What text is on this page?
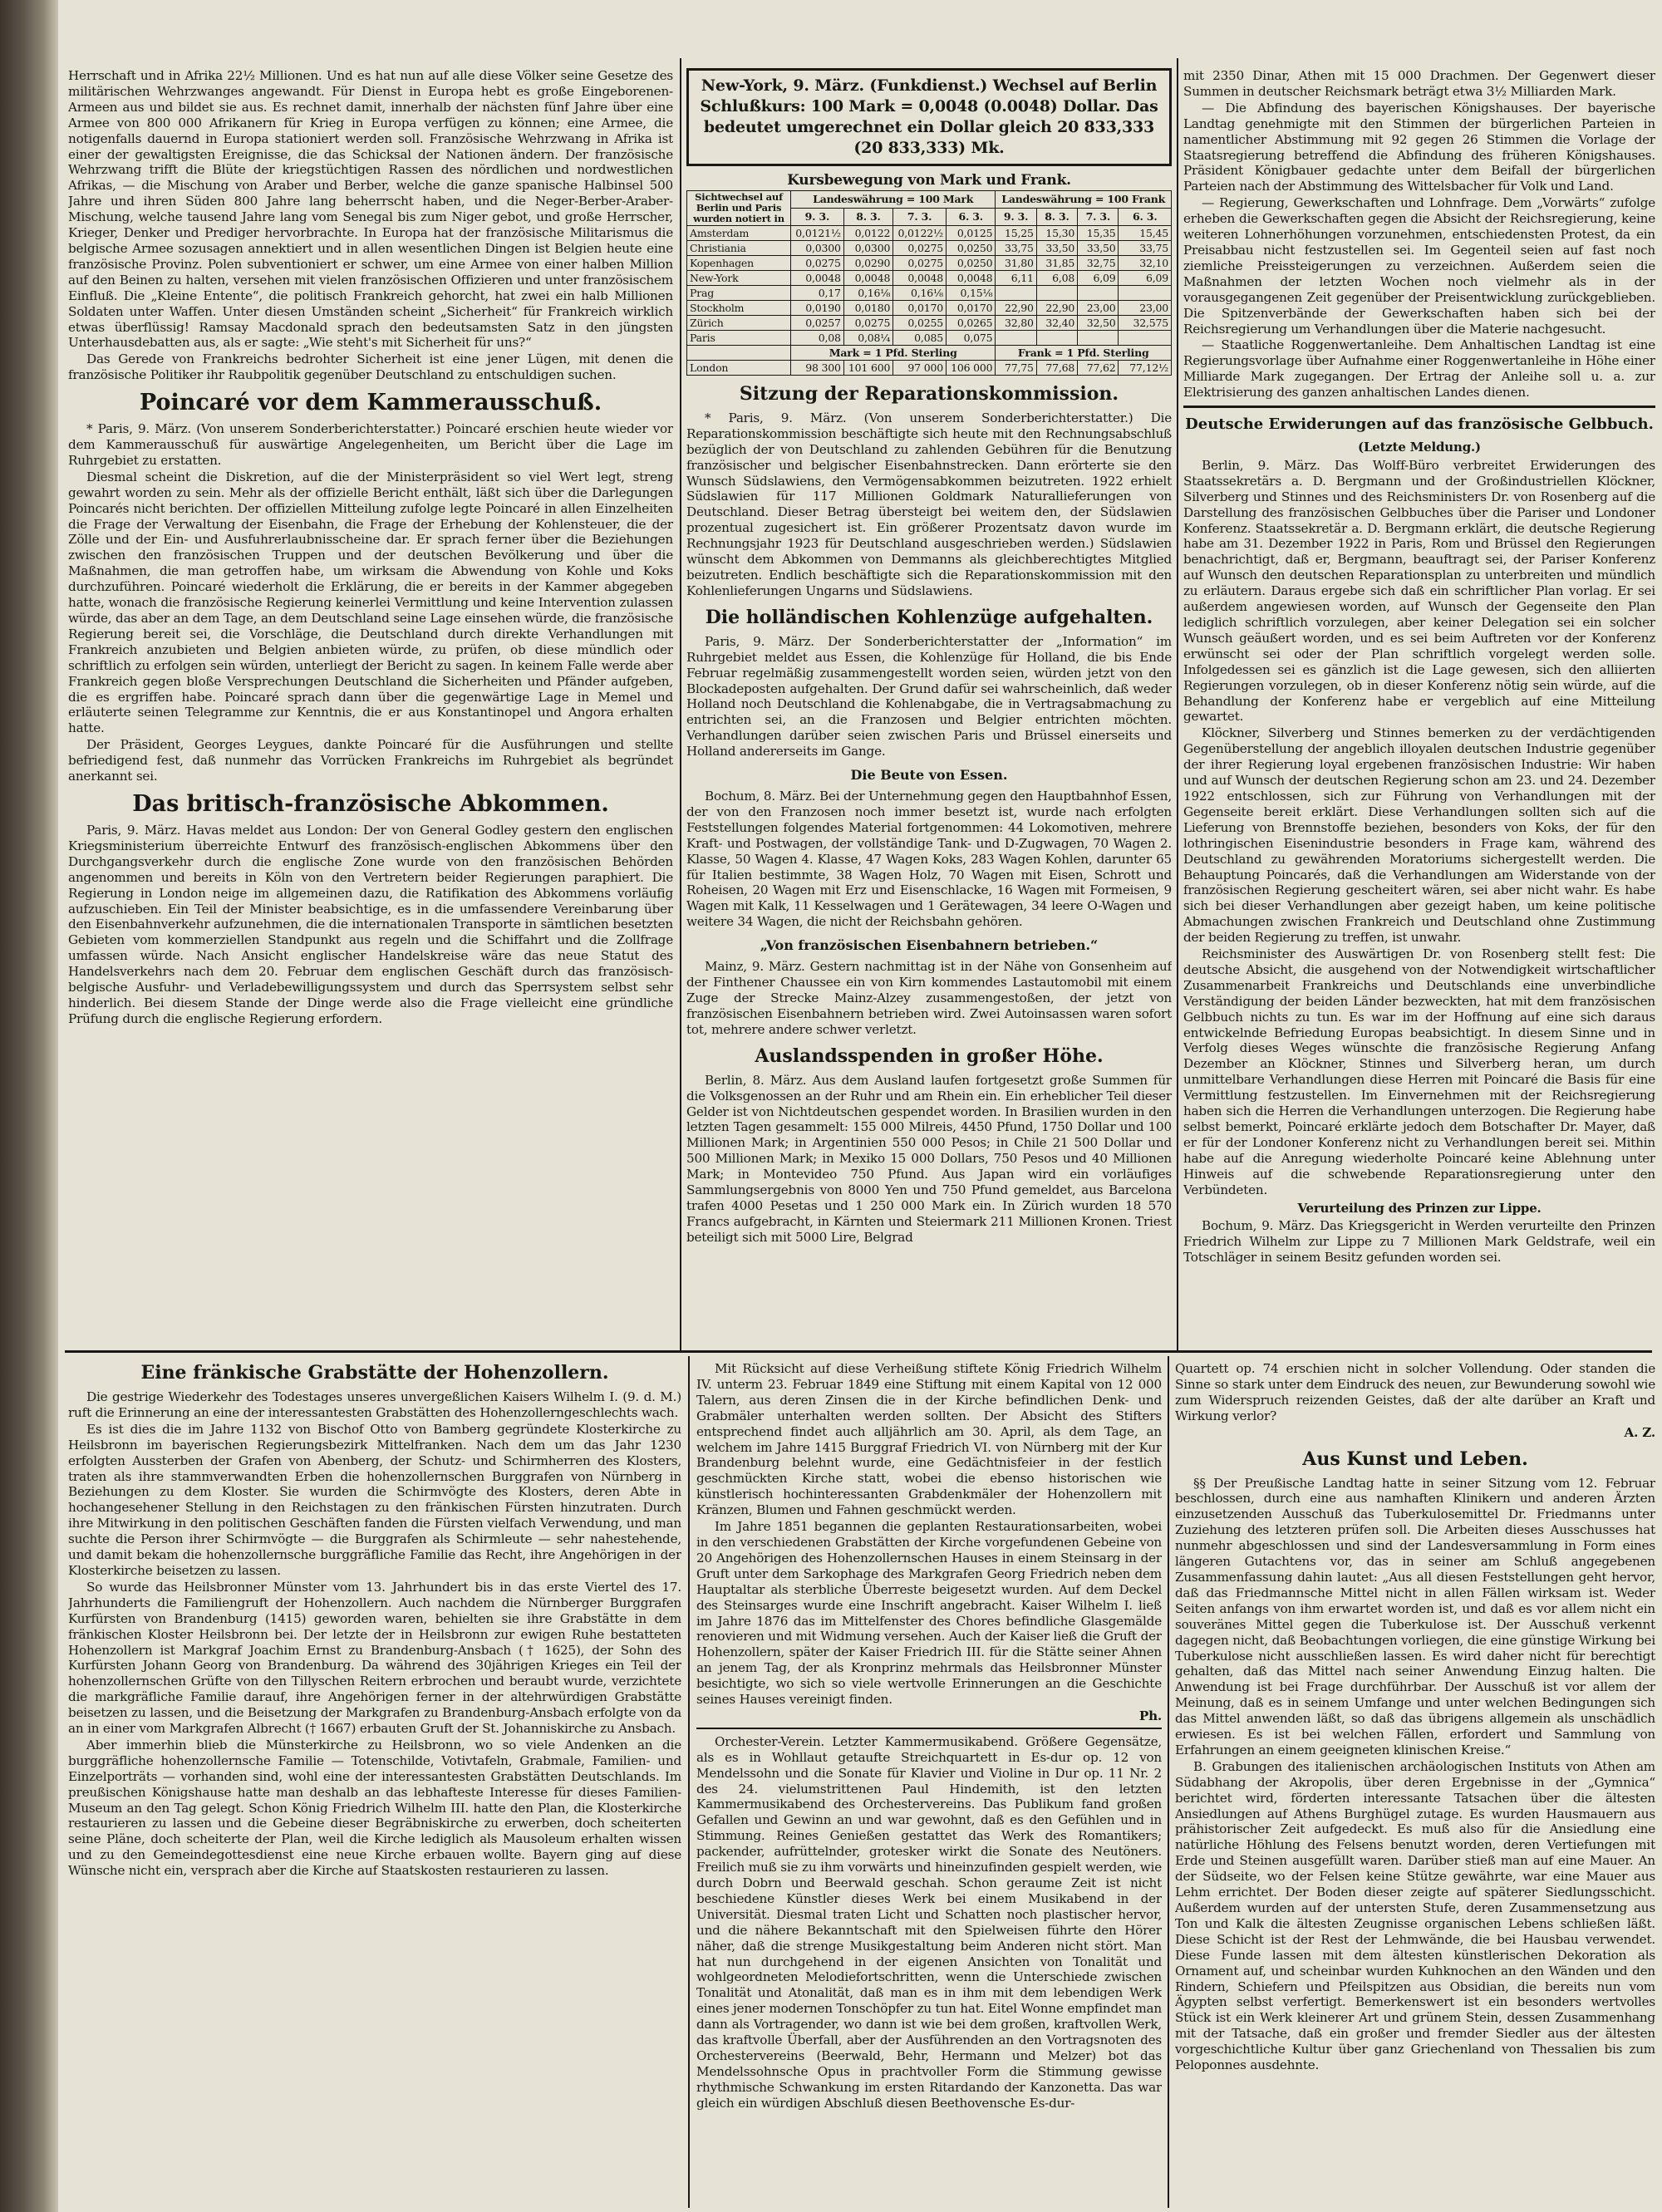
Herrschaft und in Afrika 22½ Millionen. Und es hat nun auf alle diese Völker seine Gesetze des militärischen Wehrzwanges angewandt. Für Dienst in Europa hebt es große Eingeborenen-Armeen aus und bildet sie aus. Es rechnet damit, innerhalb der nächsten fünf Jahre über eine Armee von 800 000 Afrikanern für Krieg in Europa verfügen zu können; eine Armee, die notigenfalls dauernd in Europa stationiert werden soll. Französische Wehrzwang in Afrika ist einer der gewaltigsten Ereignisse, die das Schicksal der Nationen ändern. Der französische Wehrzwang trifft die Blüte der kriegstüchtigen Rassen des nördlichen und nordwestlichen Afrikas, — die Mischung von Araber und Berber, welche die ganze spanische Halbinsel 500 Jahre und ihren Süden 800 Jahre lang beherrscht haben, und die Neger-Berber-Araber-Mischung, welche tausend Jahre lang vom Senegal bis zum Niger gebot, und große Herrscher, Krieger, Denker und Prediger hervorbrachte. In Europa hat der französische Militarismus die belgische Armee sozusagen annektiert und in allen wesentlichen Dingen ist Belgien heute eine französische Provinz. Polen subventioniert er schwer, um eine Armee von einer halben Million auf den Beinen zu halten, versehen mit vielen französischen Offizieren und unter französischem Einfluß. Die „Kleine Entente“, die politisch Frankreich gehorcht, hat zwei ein halb Millionen Soldaten unter Waffen. Unter diesen Umständen scheint „Sicherheit“ für Frankreich wirklich etwas überflüssig! Ramsay Macdonald sprach den bedeutsamsten Satz in den jüngsten Unterhausdebatten aus, als er sagte: „Wie steht's mit Sicherheit für uns?“

Das Gerede von Frankreichs bedrohter Sicherheit ist eine jener Lügen, mit denen die französische Politiker ihr Raubpolitik gegenüber Deutschland zu entschuldigen suchen.

Poincaré vor dem Kammerausschuß.

* Paris, 9. März. (Von unserem Sonderberichterstatter.) Poincaré erschien heute wieder vor dem Kammerausschuß für auswärtige Angelegenheiten, um Bericht über die Lage im Ruhrgebiet zu erstatten.

Diesmal scheint die Diskretion, auf die der Ministerpräsident so viel Wert legt, streng gewahrt worden zu sein. Mehr als der offizielle Bericht enthält, läßt sich über die Darlegungen Poincarés nicht berichten. Der offiziellen Mitteilung zufolge legte Poincaré in allen Einzelheiten die Frage der Verwaltung der Eisenbahn, die Frage der Erhebung der Kohlensteuer, die der Zölle und der Ein- und Ausfuhrerlaubnisscheine dar. Er sprach ferner über die Beziehungen zwischen den französischen Truppen und der deutschen Bevölkerung und über die Maßnahmen, die man getroffen habe, um wirksam die Abwendung von Kohle und Koks durchzuführen. Poincaré wiederholt die Erklärung, die er bereits in der Kammer abgegeben hatte, wonach die französische Regierung keinerlei Vermittlung und keine Intervention zulassen würde, das aber an dem Tage, an dem Deutschland seine Lage einsehen würde, die französische Regierung bereit sei, die Vorschläge, die Deutschland durch direkte Verhandlungen mit Frankreich anzubieten und Belgien anbieten würde, zu prüfen, ob diese mündlich oder schriftlich zu erfolgen sein würden, unterliegt der Bericht zu sagen. In keinem Falle werde aber Frankreich gegen bloße Versprechungen Deutschland die Sicherheiten und Pfänder aufgeben, die es ergriffen habe. Poincaré sprach dann über die gegenwärtige Lage in Memel und erläuterte seinen Telegramme zur Kenntnis, die er aus Konstantinopel und Angora erhalten hatte.

Der Präsident, Georges Leygues, dankte Poincaré für die Ausführungen und stellte befriedigend fest, daß nunmehr das Vorrücken Frankreichs im Ruhrgebiet als begründet anerkannt sei.

Das britisch-französische Abkommen.

Paris, 9. März. Havas meldet aus London: Der von General Godley gestern den englischen Kriegsministerium überreichte Entwurf des französisch-englischen Abkommens über den Durchgangsverkehr durch die englische Zone wurde von den französischen Behörden angenommen und bereits in Köln von den Vertretern beider Regierungen paraphiert. Die Regierung in London neige im allgemeinen dazu, die Ratifikation des Abkommens vorläufig aufzuschieben. Ein Teil der Minister beabsichtige, es in die umfassendere Vereinbarung über den Eisenbahnverkehr aufzunehmen, die die internationalen Transporte in sämtlichen besetzten Gebieten vom kommerziellen Standpunkt aus regeln und die Schiffahrt und die Zollfrage umfassen würde. Nach Ansicht englischer Handelskreise wäre das neue Statut des Handelsverkehrs nach dem 20. Februar dem englischen Geschäft durch das französisch-belgische Ausfuhr- und Verladebewilligungssystem und durch das Sperrsystem selbst sehr hinderlich. Bei diesem Stande der Dinge werde also die Frage vielleicht eine gründliche Prüfung durch die englische Regierung erfordern.

New-York, 9. März. (Funkdienst.) Wechsel auf Berlin Schlußkurs: 100 Mark = 0,0048 (0.0048) Dollar. Das bedeutet umgerechnet ein Dollar gleich 20 833,333 (20 833,333) Mk.
Kursbewegung von Mark und Frank.
Sichtwechsel auf Berlin und Paris wurden notiert in	Landeswährung = 100 Mark				Landeswährung = 100 Frank			
	9. 3.	8. 3.	7. 3.	6. 3.	9. 3.	8. 3.	7. 3.	6. 3.
Amsterdam	0,0121½	0,0122	0,0122½	0,0125	15,25	15,30	15,35	15,45
Christiania	0,0300	0,0300	0,0275	0,0250	33,75	33,50	33,50	33,75
Kopenhagen	0,0275	0,0290	0,0275	0,0250	31,80	31,85	32,75	32,10
New-York	0,0048	0,0048	0,0048	0,0048	6,11	6,08	6,09	6,09
Prag	0,17	0,16⅛	0,16⅛	0,15⅛				
Stockholm	0,0190	0,0180	0,0170	0,0170	22,90	22,90	23,00	23,00
Zürich	0,0257	0,0275	0,0255	0,0265	32,80	32,40	32,50	32,575
Paris	0,08	0,08¼	0,085	0,075				
	Mark = 1 Pfd. Sterling				Frank = 1 Pfd. Sterling			
London	98 300	101 600	97 000	106 000	77,75	77,68	77,62	77,12½
Sitzung der Reparationskommission.

* Paris, 9. März. (Von unserem Sonderberichterstatter.) Die Reparationskommission beschäftigte sich heute mit den Rechnungsabschluß bezüglich der von Deutschland zu zahlenden Gebühren für die Benutzung französischer und belgischer Eisenbahnstrecken. Dann erörterte sie den Wunsch Südslawiens, den Vermögensabkommen beizutreten. 1922 erhielt Südslawien für 117 Millionen Goldmark Naturallieferungen von Deutschland. Dieser Betrag übersteigt bei weitem den, der Südslawien prozentual zugesichert ist. Ein größerer Prozentsatz davon wurde im Rechnungsjahr 1923 für Deutschland ausgeschrieben werden.) Südslawien wünscht dem Abkommen von Demmanns als gleichberechtigtes Mitglied beizutreten. Endlich beschäftigte sich die Reparationskommission mit den Kohlenlieferungen Ungarns und Südslawiens.

Die holländischen Kohlenzüge aufgehalten.

Paris, 9. März. Der Sonderberichterstatter der „Information“ im Ruhrgebiet meldet aus Essen, die Kohlenzüge für Holland, die bis Ende Februar regelmäßig zusammengestellt worden seien, würden jetzt von den Blockadeposten aufgehalten. Der Grund dafür sei wahrscheinlich, daß weder Holland noch Deutschland die Kohlenabgabe, die in Vertragsabmachung zu entrichten sei, an die Franzosen und Belgier entrichten möchten. Verhandlungen darüber seien zwischen Paris und Brüssel einerseits und Holland andererseits im Gange.

Die Beute von Essen.

Bochum, 8. März. Bei der Unternehmung gegen den Hauptbahnhof Essen, der von den Franzosen noch immer besetzt ist, wurde nach erfolgten Feststellungen folgendes Material fortgenommen: 44 Lokomotiven, mehrere Kraft- und Postwagen, der vollständige Tank- und D-Zugwagen, 70 Wagen 2. Klasse, 50 Wagen 4. Klasse, 47 Wagen Koks, 283 Wagen Kohlen, darunter 65 für Italien bestimmte, 38 Wagen Holz, 70 Wagen mit Eisen, Schrott und Roheisen, 20 Wagen mit Erz und Eisenschlacke, 16 Wagen mit Formeisen, 9 Wagen mit Kalk, 11 Kesselwagen und 1 Gerätewagen, 34 leere O-Wagen und weitere 34 Wagen, die nicht der Reichsbahn gehören.

„Von französischen Eisenbahnern betrieben.“

Mainz, 9. März. Gestern nachmittag ist in der Nähe von Gonsenheim auf der Finthener Chaussee ein von Kirn kommendes Lastautomobil mit einem Zuge der Strecke Mainz-Alzey zusammengestoßen, der jetzt von französischen Eisenbahnern betrieben wird. Zwei Autoinsassen waren sofort tot, mehrere andere schwer verletzt.

Auslandsspenden in großer Höhe.

Berlin, 8. März. Aus dem Ausland laufen fortgesetzt große Summen für die Volksgenossen an der Ruhr und am Rhein ein. Ein erheblicher Teil dieser Gelder ist von Nichtdeutschen gespendet worden. In Brasilien wurden in den letzten Tagen gesammelt: 155 000 Milreis, 4450 Pfund, 1750 Dollar und 100 Millionen Mark; in Argentinien 550 000 Pesos; in Chile 21 500 Dollar und 500 Millionen Mark; in Mexiko 15 000 Dollars, 750 Pesos und 40 Millionen Mark; in Montevideo 750 Pfund. Aus Japan wird ein vorläufiges Sammlungsergebnis von 8000 Yen und 750 Pfund gemeldet, aus Barcelona trafen 4000 Pesetas und 1 250 000 Mark ein. In Zürich wurden 18 570 Francs aufgebracht, in Kärnten und Steiermark 211 Millionen Kronen. Triest beteiligt sich mit 5000 Lire, Belgrad

mit 2350 Dinar, Athen mit 15 000 Drachmen. Der Gegenwert dieser Summen in deutscher Reichsmark beträgt etwa 3½ Milliarden Mark.

— Die Abfindung des bayerischen Königshauses. Der bayerische Landtag genehmigte mit den Stimmen der bürgerlichen Parteien in namentlicher Abstimmung mit 92 gegen 26 Stimmen die Vorlage der Staatsregierung betreffend die Abfindung des früheren Königshauses. Präsident Königbauer gedachte unter dem Beifall der bürgerlichen Parteien nach der Abstimmung des Wittelsbacher für Volk und Land.

— Regierung, Gewerkschaften und Lohnfrage. Dem „Vorwärts“ zufolge erheben die Gewerkschaften gegen die Absicht der Reichsregierung, keine weiteren Lohnerhöhungen vorzunehmen, entschiedensten Protest, da ein Preisabbau nicht festzustellen sei. Im Gegenteil seien auf fast noch ziemliche Preissteigerungen zu verzeichnen. Außerdem seien die Maßnahmen der letzten Wochen noch vielmehr als in der vorausgegangenen Zeit gegenüber der Preisentwicklung zurückgeblieben. Die Spitzenverbände der Gewerkschaften haben sich bei der Reichsregierung um Verhandlungen über die Materie nachgesucht.

— Staatliche Roggenwertanleihe. Dem Anhaltischen Landtag ist eine Regierungsvorlage über Aufnahme einer Roggenwertanleihe in Höhe einer Milliarde Mark zugegangen. Der Ertrag der Anleihe soll u. a. zur Elektrisierung des ganzen anhaltischen Landes dienen.

Deutsche Erwiderungen auf das französische Gelbbuch.
(Letzte Meldung.)

Berlin, 9. März. Das Wolff-Büro verbreitet Erwiderungen des Staatssekretärs a. D. Bergmann und der Großindustriellen Klöckner, Silverberg und Stinnes und des Reichsministers Dr. von Rosenberg auf die Darstellung des französischen Gelbbuches über die Pariser und Londoner Konferenz. Staatssekretär a. D. Bergmann erklärt, die deutsche Regierung habe am 31. Dezember 1922 in Paris, Rom und Brüssel den Regierungen benachrichtigt, daß er, Bergmann, beauftragt sei, der Pariser Konferenz auf Wunsch den deutschen Reparationsplan zu unterbreiten und mündlich zu erläutern. Daraus ergebe sich daß ein schriftlicher Plan vorlag. Er sei außerdem angewiesen worden, auf Wunsch der Gegenseite den Plan lediglich schriftlich vorzulegen, aber keiner Delegation sei ein solcher Wunsch geäußert worden, und es sei beim Auftreten vor der Konferenz erwünscht sei oder der Plan schriftlich vorgelegt werden solle. Infolgedessen sei es gänzlich ist die Lage gewesen, sich den alliierten Regierungen vorzulegen, ob in dieser Konferenz nötig sein würde, auf die Behandlung der Konferenz habe er vergeblich auf eine Mitteilung gewartet.

Klöckner, Silverberg und Stinnes bemerken zu der verdächtigenden Gegenüberstellung der angeblich illoyalen deutschen Industrie gegenüber der ihrer Regierung loyal ergebenen französischen Industrie: Wir haben und auf Wunsch der deutschen Regierung schon am 23. und 24. Dezember 1922 entschlossen, sich zur Führung von Verhandlungen mit der Gegenseite bereit erklärt. Diese Verhandlungen sollten sich auf die Lieferung von Brennstoffe beziehen, besonders von Koks, der für den lothringischen Eisenindustrie besonders in Frage kam, während des Deutschland zu gewährenden Moratoriums sichergestellt werden. Die Behauptung Poincarés, daß die Verhandlungen am Widerstande von der französischen Regierung gescheitert wären, sei aber nicht wahr. Es habe sich bei dieser Verhandlungen aber gezeigt haben, um keine politische Abmachungen zwischen Frankreich und Deutschland ohne Zustimmung der beiden Regierung zu treffen, ist unwahr.

Reichsminister des Auswärtigen Dr. von Rosenberg stellt fest: Die deutsche Absicht, die ausgehend von der Notwendigkeit wirtschaftlicher Zusammenarbeit Frankreichs und Deutschlands eine unverbindliche Verständigung der beiden Länder bezweckten, hat mit dem französischen Gelbbuch nichts zu tun. Es war im der Hoffnung auf eine sich daraus entwickelnde Befriedung Europas beabsichtigt. In diesem Sinne und in Verfolg dieses Weges wünschte die französische Regierung Anfang Dezember an Klöckner, Stinnes und Silverberg heran, um durch unmittelbare Verhandlungen diese Herren mit Poincaré die Basis für eine Vermittlung festzustellen. Im Einvernehmen mit der Reichsregierung haben sich die Herren die Verhandlungen unterzogen. Die Regierung habe selbst bemerkt, Poincaré erklärte jedoch dem Botschafter Dr. Mayer, daß er für der Londoner Konferenz nicht zu Verhandlungen bereit sei. Mithin habe auf die Anregung wiederholte Poincaré keine Ablehnung unter Hinweis auf die schwebende Reparationsregierung unter den Verbündeten.

Verurteilung des Prinzen zur Lippe.

Bochum, 9. März. Das Kriegsgericht in Werden verurteilte den Prinzen Friedrich Wilhelm zur Lippe zu 7 Millionen Mark Geldstrafe, weil ein Totschläger in seinem Besitz gefunden worden sei.

Eine fränkische Grabstätte der Hohenzollern.

Die gestrige Wiederkehr des Todestages unseres unvergeßlichen Kaisers Wilhelm I. (9. d. M.) ruft die Erinnerung an eine der interessantesten Grabstätten des Hohenzollerngeschlechts wach.

Es ist dies die im Jahre 1132 von Bischof Otto von Bamberg gegründete Klosterkirche zu Heilsbronn im bayerischen Regierungsbezirk Mittelfranken. Nach dem um das Jahr 1230 erfolgten Aussterben der Grafen von Abenberg, der Schutz- und Schirmherren des Klosters, traten als ihre stammverwandten Erben die hohenzollernschen Burggrafen von Nürnberg in Beziehungen zu dem Kloster. Sie wurden die Schirmvögte des Klosters, deren Abte in hochangesehener Stellung in den Reichstagen zu den fränkischen Fürsten hinzutraten. Durch ihre Mitwirkung in den politischen Geschäften fanden die Fürsten vielfach Verwendung, und man suchte die Person ihrer Schirmvögte — die Burggrafen als Schirmleute — sehr nahestehende, und damit bekam die hohenzollernsche burggräfliche Familie das Recht, ihre Angehörigen in der Klosterkirche beisetzen zu lassen.

So wurde das Heilsbronner Münster vom 13. Jahrhundert bis in das erste Viertel des 17. Jahrhunderts die Familiengruft der Hohenzollern. Auch nachdem die Nürnberger Burggrafen Kurfürsten von Brandenburg (1415) geworden waren, behielten sie ihre Grabstätte in dem fränkischen Kloster Heilsbronn bei. Der letzte der in Heilsbronn zur ewigen Ruhe bestatteten Hohenzollern ist Markgraf Joachim Ernst zu Brandenburg-Ansbach († 1625), der Sohn des Kurfürsten Johann Georg von Brandenburg. Da während des 30jährigen Krieges ein Teil der hohenzollernschen Grüfte von den Tillyschen Reitern erbrochen und beraubt wurde, verzichtete die markgräfliche Familie darauf, ihre Angehörigen ferner in der altehrwürdigen Grabstätte beisetzen zu lassen, und die Beisetzung der Markgrafen zu Brandenburg-Ansbach erfolgte von da an in einer vom Markgrafen Albrecht († 1667) erbauten Gruft der St. Johanniskirche zu Ansbach.

Aber immerhin blieb die Münsterkirche zu Heilsbronn, wo so viele Andenken an die burggräfliche hohenzollernsche Familie — Totenschilde, Votivtafeln, Grabmale, Familien- und Einzelporträts — vorhanden sind, wohl eine der interessantesten Grabstätten Deutschlands. Im preußischen Königshause hatte man deshalb an das lebhafteste Interesse für dieses Familien-Museum an den Tag gelegt. Schon König Friedrich Wilhelm III. hatte den Plan, die Klosterkirche restaurieren zu lassen und die Gebeine dieser Begräbniskirche zu erwerben, doch scheiterten seine Pläne, doch scheiterte der Plan, weil die Kirche lediglich als Mausoleum erhalten wissen und zu den Gemeindegottesdienst eine neue Kirche erbauen wollte. Bayern ging auf diese Wünsche nicht ein, versprach aber die Kirche auf Staatskosten restaurieren zu lassen.

Mit Rücksicht auf diese Verheißung stiftete König Friedrich Wilhelm IV. unterm 23. Februar 1849 eine Stiftung mit einem Kapital von 12 000 Talern, aus deren Zinsen die in der Kirche befindlichen Denk- und Grabmäler unterhalten werden sollten. Der Absicht des Stifters entsprechend findet auch alljährlich am 30. April, als dem Tage, an welchem im Jahre 1415 Burggraf Friedrich VI. von Nürnberg mit der Kur Brandenburg belehnt wurde, eine Gedächtnisfeier in der festlich geschmückten Kirche statt, wobei die ebenso historischen wie künstlerisch hochinteressanten Grabdenkmäler der Hohenzollern mit Kränzen, Blumen und Fahnen geschmückt werden.

Im Jahre 1851 begannen die geplanten Restaurationsarbeiten, wobei in den verschiedenen Grabstätten der Kirche vorgefundenen Gebeine von 20 Angehörigen des Hohenzollernschen Hauses in einem Steinsarg in der Gruft unter dem Sarkophage des Markgrafen Georg Friedrich neben dem Hauptaltar als sterbliche Überreste beigesetzt wurden. Auf dem Deckel des Steinsarges wurde eine Inschrift angebracht. Kaiser Wilhelm I. ließ im Jahre 1876 das im Mittelfenster des Chores befindliche Glasgemälde renovieren und mit Widmung versehen. Auch der Kaiser ließ die Gruft der Hohenzollern, später der Kaiser Friedrich III. für die Stätte seiner Ahnen an jenem Tag, der als Kronprinz mehrmals das Heilsbronner Münster besichtigte, wo sich so viele wertvolle Erinnerungen an die Geschichte seines Hauses vereinigt finden.

Ph.

Orchester-Verein. Letzter Kammermusikabend. Größere Gegensätze, als es in Wohllaut getaufte Streichquartett in Es-dur op. 12 von Mendelssohn und die Sonate für Klavier und Violine in Dur op. 11 Nr. 2 des 24. vielumstrittenen Paul Hindemith, ist den letzten Kammermusikabend des Orchestervereins. Das Publikum fand großen Gefallen und Gewinn an und war gewohnt, daß es den Gefühlen und in Stimmung. Reines Genießen gestattet das Werk des Romantikers; packender, aufrüttelnder, grotesker wirkt die Sonate des Neutöners. Freilich muß sie zu ihm vorwärts und hineinzufinden gespielt werden, wie durch Dobrn und Beerwald geschah. Schon geraume Zeit ist nicht beschiedene Künstler dieses Werk bei einem Musikabend in der Universität. Diesmal traten Licht und Schatten noch plastischer hervor, und die nähere Bekanntschaft mit den Spielweisen führte den Hörer näher, daß die strenge Musikgestaltung beim Anderen nicht stört. Man hat nun durchgehend in der eigenen Ansichten von Tonalität und wohlgeordneten Melodiefortschritten, wenn die Unterschiede zwischen Tonalität und Atonalität, daß man es in ihm mit dem lebendigen Werk eines jener modernen Tonschöpfer zu tun hat. Eitel Wonne empfindet man dann als Vortragender, wo dann ist wie bei dem großen, kraftvollen Werk, das kraftvolle Überfall, aber der Ausführenden an den Vortragsnoten des Orchestervereins (Beerwald, Behr, Hermann und Melzer) bot das Mendelssohnsche Opus in prachtvoller Form die Stimmung gewisse rhythmische Schwankung im ersten Ritardando der Kanzonetta. Das war gleich ein würdigen Abschluß diesen Beethovensche Es-dur-

Quartett op. 74 erschien nicht in solcher Vollendung. Oder standen die Sinne so stark unter dem Eindruck des neuen, zur Bewunderung sowohl wie zum Widerspruch reizenden Geistes, daß der alte darüber an Kraft und Wirkung verlor?

A. Z.
Aus Kunst und Leben.

§§ Der Preußische Landtag hatte in seiner Sitzung vom 12. Februar beschlossen, durch eine aus namhaften Klinikern und anderen Ärzten einzusetzenden Ausschuß das Tuberkulosemittel Dr. Friedmanns unter Zuziehung des letzteren prüfen soll. Die Arbeiten dieses Ausschusses hat nunmehr abgeschlossen und sind der Landesversammlung in Form eines längeren Gutachtens vor, das in seiner am Schluß angegebenen Zusammenfassung dahin lautet: „Aus all diesen Feststellungen geht hervor, daß das Friedmannsche Mittel nicht in allen Fällen wirksam ist. Weder Seiten anfangs von ihm erwartet worden ist, und daß es vor allem nicht ein souveränes Mittel gegen die Tuberkulose ist. Der Ausschuß verkennt dagegen nicht, daß Beobachtungen vorliegen, die eine günstige Wirkung bei Tuberkulose nicht ausschließen lassen. Es wird daher nicht für berechtigt gehalten, daß das Mittel nach seiner Anwendung Einzug halten. Die Anwendung ist bei Frage durchführbar. Der Ausschuß ist vor allem der Meinung, daß es in seinem Umfange und unter welchen Bedingungen sich das Mittel anwenden läßt, so daß das übrigens allgemein als unschädlich erwiesen. Es ist bei welchen Fällen, erfordert und Sammlung von Erfahrungen an einem geeigneten klinischen Kreise.“

B. Grabungen des italienischen archäologischen Instituts von Athen am Südabhang der Akropolis, über deren Ergebnisse in der „Gymnica“ berichtet wird, förderten interessante Tatsachen über die ältesten Ansiedlungen auf Athens Burghügel zutage. Es wurden Hausmauern aus prähistorischer Zeit aufgedeckt. Es muß also für die Ansiedlung eine natürliche Höhlung des Felsens benutzt worden, deren Vertiefungen mit Erde und Steinen ausgefüllt waren. Darüber stieß man auf eine Mauer. An der Südseite, wo der Felsen keine Stütze gewährte, war eine Mauer aus Lehm errichtet. Der Boden dieser zeigte auf späterer Siedlungsschicht. Außerdem wurden auf der untersten Stufe, deren Zusammensetzung aus Ton und Kalk die ältesten Zeugnisse organischen Lebens schließen läßt. Diese Schicht ist der Rest der Lehmwände, die bei Hausbau verwendet. Diese Funde lassen mit dem ältesten künstlerischen Dekoration als Ornament auf, und scheinbar wurden Kuhknochen an den Wänden und den Rindern, Schiefern und Pfeilspitzen aus Obsidian, die bereits nun vom Ägypten selbst verfertigt. Bemerkenswert ist ein besonders wertvolles Stück ist ein Werk kleinerer Art und grünem Stein, dessen Zusammenhang mit der Tatsache, daß ein großer und fremder Siedler aus der ältesten vorgeschichtliche Kultur über ganz Griechenland von Thessalien bis zum Peloponnes ausdehnte.
